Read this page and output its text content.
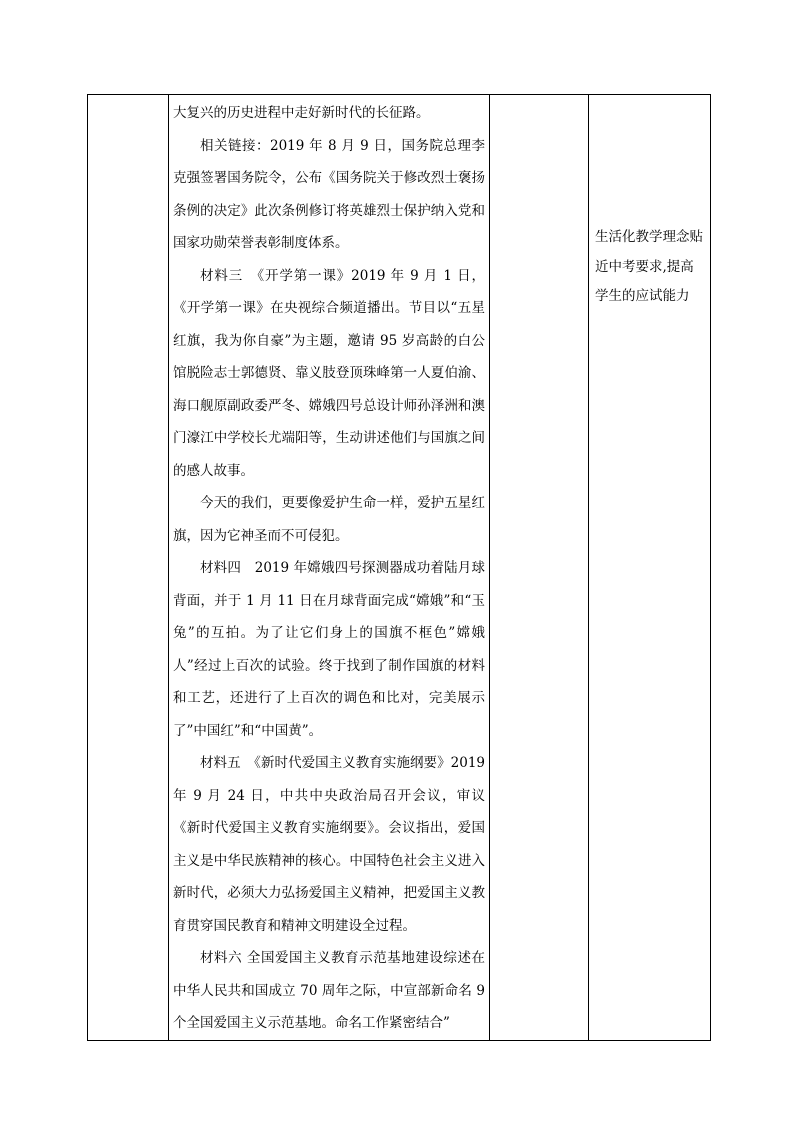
大复兴的历史进程中走好新时代的长征路。

相关链接：2019 年 8 月 9 日，国务院总理李克强签署国务院令，公布《国务院关于修改烈士褒扬条例的决定》此次条例修订将英雄烈士保护纳入党和国家功勋荣誉表彰制度体系。

材料三　《开学第一课》2019 年 9 月 1 日，《开学第一课》在央视综合频道播出。节目以“五星红旗，我为你自豪”为主题，邀请 95 岁高龄的白公馆脱险志士郭德贤、靠义肢登顶珠峰第一人夏伯渝、海口舰原副政委严冬、嫦娥四号总设计师孙泽洲和澳门濠江中学校长尤端阳等，生动讲述他们与国旗之间的感人故事。

今天的我们，更要像爱护生命一样，爱护五星红旗，因为它神圣而不可侵犯。

材料四　2019 年嫦娥四号探测器成功着陆月球背面，并于 1 月 11 日在月球背面完成“嫦娥”和“玉兔”的互拍。为了让它们身上的国旗不框色”嫦娥人”经过上百次的试验。终于找到了制作国旗的材料和工艺，还进行了上百次的调色和比对，完美展示了”中国红”和“中国黄”。

材料五　《新时代爱国主义教育实施纲要》2019 年 9 月 24 日，中共中央政治局召开会议，审议《新时代爱国主义教育实施纲要》。会议指出，爱国主义是中华民族精神的核心。中国特色社会主义进入新时代，必须大力弘扬爱国主义精神，把爱国主义教育贯穿国民教育和精神文明建设全过程。

材料六 全国爱国主义教育示范基地建设综述在中华人民共和国成立 70 周年之际，中宣部新命名 9 个全国爱国主义示范基地。命名工作紧密结合”

生活化教学理念贴近中考要求,提高学生的应试能力
